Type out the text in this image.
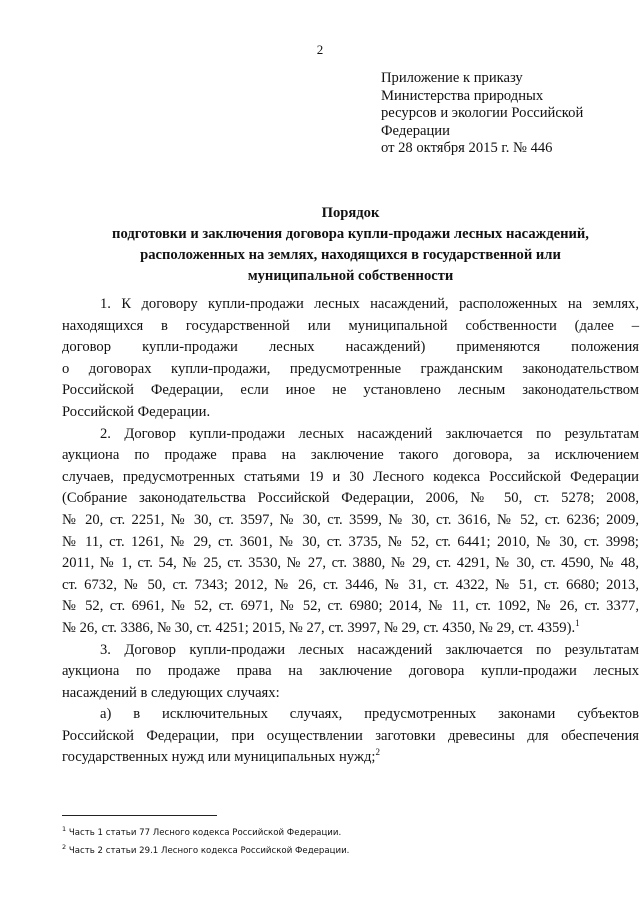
2
Приложение к приказу
Министерства природных
ресурсов и экологии Российской
Федерации
от 28 октября 2015 г. № 446
Порядок
подготовки и заключения договора купли-продажи лесных насаждений,
расположенных на землях, находящихся в государственной или
муниципальной собственности

1. К договору купли-продажи лесных насаждений, расположенных на землях,

находящихся в государственной или муниципальной собственности (далее –

договор купли-продажи лесных насаждений) применяются положения

о договорах купли-продажи, предусмотренные гражданским законодательством

Российской Федерации, если иное не установлено лесным законодательством

Российской Федерации.

2. Договор купли-продажи лесных насаждений заключается по результатам

аукциона по продаже права на заключение такого договора, за исключением

случаев, предусмотренных статьями 19 и 30 Лесного кодекса Российской Федерации

(Собрание законодательства Российской Федерации, 2006, № 50, ст. 5278; 2008,

№ 20, ст. 2251, № 30, ст. 3597, № 30, ст. 3599, № 30, ст. 3616, № 52, ст. 6236; 2009,

№ 11, ст. 1261, № 29, ст. 3601, № 30, ст. 3735, № 52, ст. 6441; 2010, № 30, ст. 3998;

2011, № 1, ст. 54, № 25, ст. 3530, № 27, ст. 3880, № 29, ст. 4291, № 30, ст. 4590, № 48,

ст. 6732, № 50, ст. 7343; 2012, № 26, ст. 3446, № 31, ст. 4322, № 51, ст. 6680; 2013,

№ 52, ст. 6961, № 52, ст. 6971, № 52, ст. 6980; 2014, № 11, ст. 1092, № 26, ст. 3377,

№ 26, ст. 3386, № 30, ст. 4251; 2015, № 27, ст. 3997, № 29, ст. 4350, № 29, ст. 4359).$^1$

3. Договор купли-продажи лесных насаждений заключается по результатам

аукциона по продаже права на заключение договора купли-продажи лесных

насаждений в следующих случаях:

а) в исключительных случаях, предусмотренных законами субъектов

Российской Федерации, при осуществлении заготовки древесины для обеспечения

государственных нужд или муниципальных нужд;$^2$

$^1$ Часть 1 статьи 77 Лесного кодекса Российской Федерации.
$^2$ Часть 2 статьи 29.1 Лесного кодекса Российской Федерации.
